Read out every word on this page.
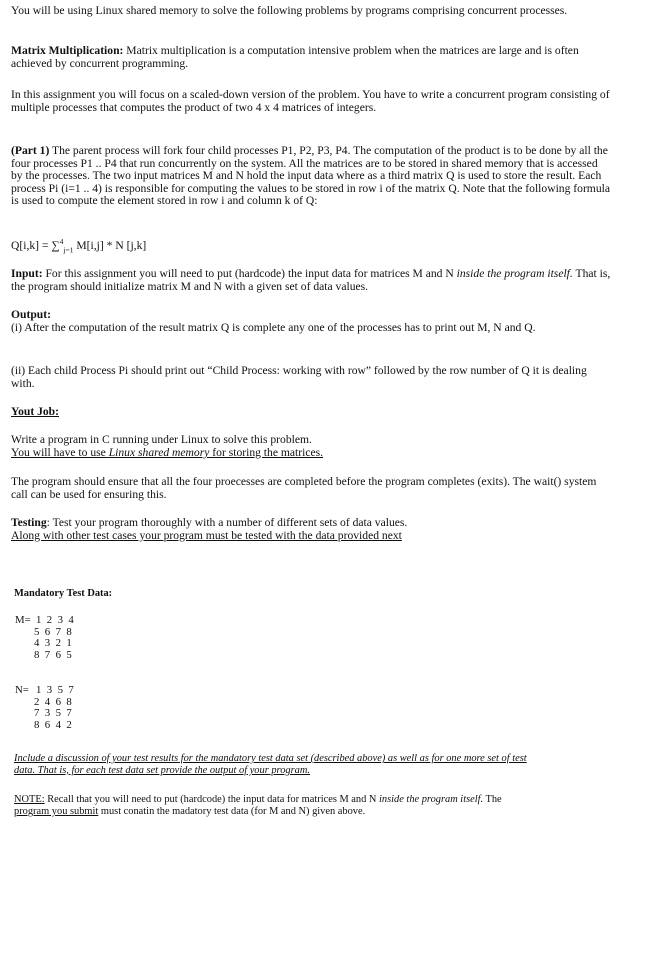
You will be using Linux shared memory to solve the following problems by programs comprising concurrent processes.
Matrix Multiplication: Matrix multiplication is a computation intensive problem when the matrices are large and is often achieved by concurrent programming.
In this assignment you will focus on a scaled-down version of the problem. You have to write a concurrent program consisting of multiple processes that computes the product of two 4 x 4 matrices of integers.
(Part 1) The parent process will fork four child processes P1, P2, P3, P4. The computation of the product is to be done by all the four processes P1 .. P4 that run concurrently on the system. All the matrices are to be stored in shared memory that is accessed by the processes. The two input matrices M and N hold the input data where as a third matrix Q is used to store the result. Each process Pi (i=1 .. 4) is responsible for computing the values to be stored in row i of the matrix Q. Note that the following formula is used to compute the element stored in row i and column k of Q:
Q[i,k] = ∑$^4_{j=1}$ M[i,j] * N [j,k]
Input: For this assignment you will need to put (hardcode) the input data for matrices M and N inside the program itself. That is, the program should initialize matrix M and N with a given set of data values.
Output:
(i) After the computation of the result matrix Q is complete any one of the processes has to print out M, N and Q.
(ii) Each child Process Pi should print out “Child Process: working with row” followed by the row number of Q it is dealing with.
Yout Job:
Write a program in C running under Linux to solve this problem.
You will have to use Linux shared memory for storing the matrices.
The program should ensure that all the four proecesses are completed before the program completes (exits). The wait() system call can be used for ensuring this.
Testing: Test your program thoroughly with a number of different sets of data values.
Along with other test cases your program must be tested with the data provided next
Mandatory Test Data:
M= 1  2  3  4
5  6  7  8
4  3  2  1
8  7  6  5
N= 1  3  5  7
2  4  6  8
7  3  5  7
8  6  4  2
Include a discussion of your test results for the mandatory test data set (described above) as well as for one more set of test data. That is, for each test data set provide the output of your program.
NOTE: Recall that you will need to put (hardcode) the input data for matrices M and N inside the program itself. The program you submit must conatin the madatory test data (for M and N) given above.
